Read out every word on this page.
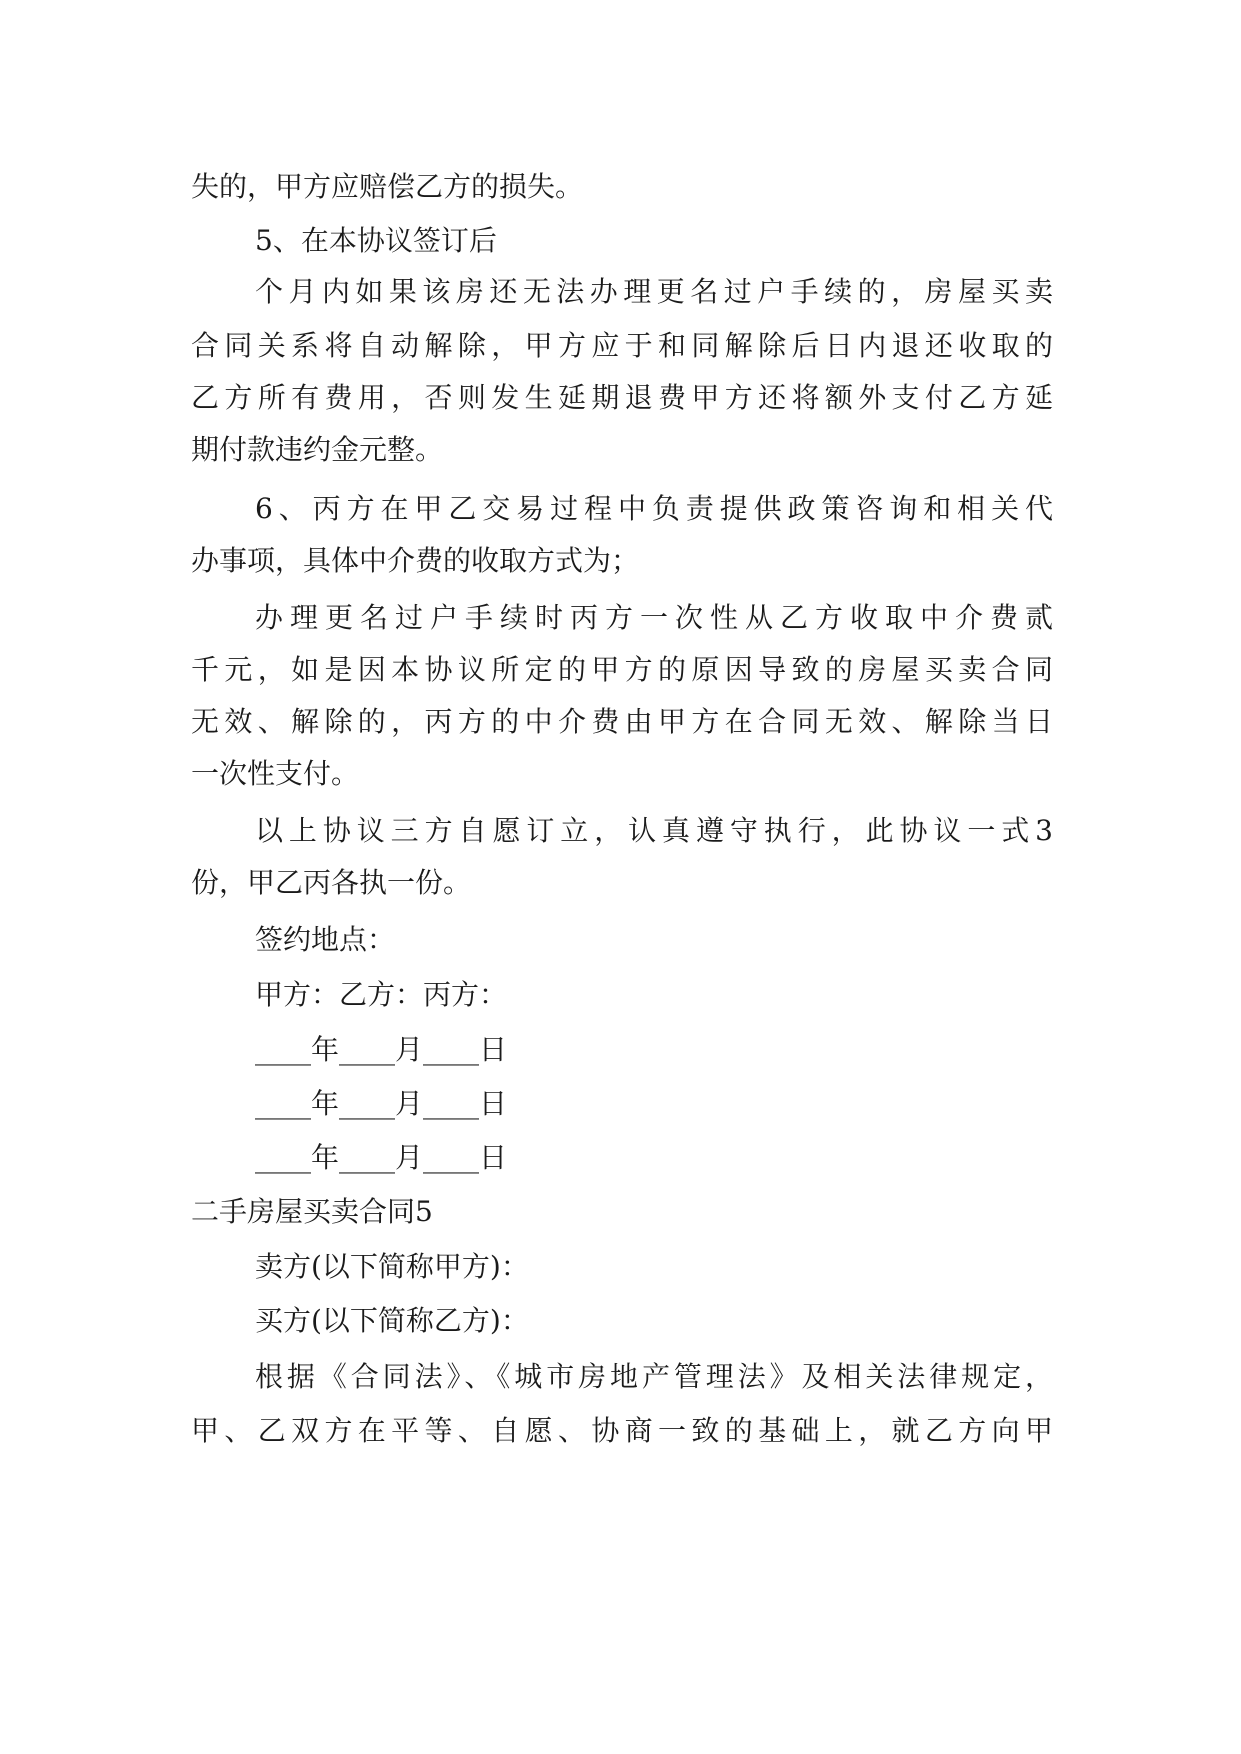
失的，甲方应赔偿乙方的损失。
5、在本协议签订后
个月内如果该房还无法办理更名过户手续的，房屋买卖
合同关系将自动解除，甲方应于和同解除后日内退还收取的
乙方所有费用，否则发生延期退费甲方还将额外支付乙方延
期付款违约金元整。
6、丙方在甲乙交易过程中负责提供政策咨询和相关代
办事项，具体中介费的收取方式为；
办理更名过户手续时丙方一次性从乙方收取中介费贰
千元，如是因本协议所定的甲方的原因导致的房屋买卖合同
无效、解除的，丙方的中介费由甲方在合同无效、解除当日
一次性支付。
以上协议三方自愿订立，认真遵守执行，此协议一式3
份，甲乙丙各执一份。
签约地点：
甲方：乙方：丙方：
____年____月____日
____年____月____日
____年____月____日
二手房屋买卖合同5
卖方(以下简称甲方)：
买方(以下简称乙方)：
根据《合同法》、《城市房地产管理法》及相关法律规定，
甲、乙双方在平等、自愿、协商一致的基础上，就乙方向甲
